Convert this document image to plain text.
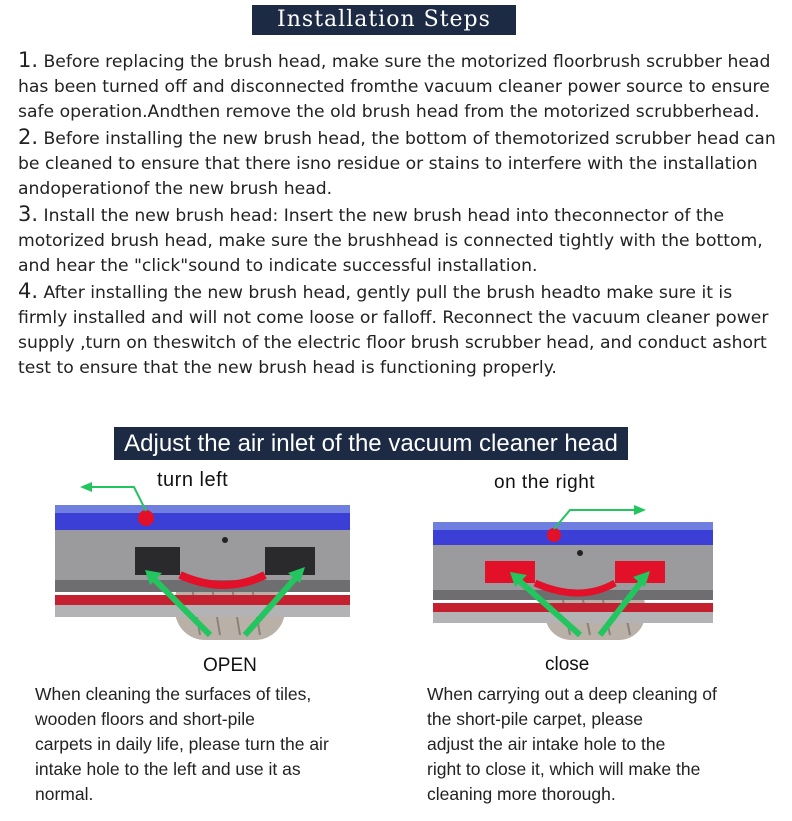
Installation Steps

1. Before replacing the brush head, make sure the motorized floorbrush scrubber head has been turned off and disconnected fromthe vacuum cleaner power source to ensure safe operation.Andthen remove the old brush head from the motorized scrubberhead.

2. Before installing the new brush head, the bottom of themotorized scrubber head can be cleaned to ensure that there isno residue or stains to interfere with the installation andoperationof the new brush head.

3. Install the new brush head: Insert the new brush head into theconnector of the motorized brush head, make sure the brushhead is connected tightly with the bottom, and hear the "click"sound to indicate successful installation.

4. After installing the new brush head, gently pull the brush headto make sure it is firmly installed and will not come loose or falloff. Reconnect the vacuum cleaner power supply ,turn on theswitch of the electric floor brush scrubber head, and conduct ashort test to ensure that the new brush head is functioning properly.

Adjust the air inlet of the vacuum cleaner head
turn left
OPEN
When cleaning the surfaces of tiles,
wooden floors and short-pile
carpets in daily life, please turn the air
intake hole to the left and use it as
normal.
on the right
close
When carrying out a deep cleaning of
the short-pile carpet, please
adjust the air intake hole to the
right to close it, which will make the
cleaning more thorough.
